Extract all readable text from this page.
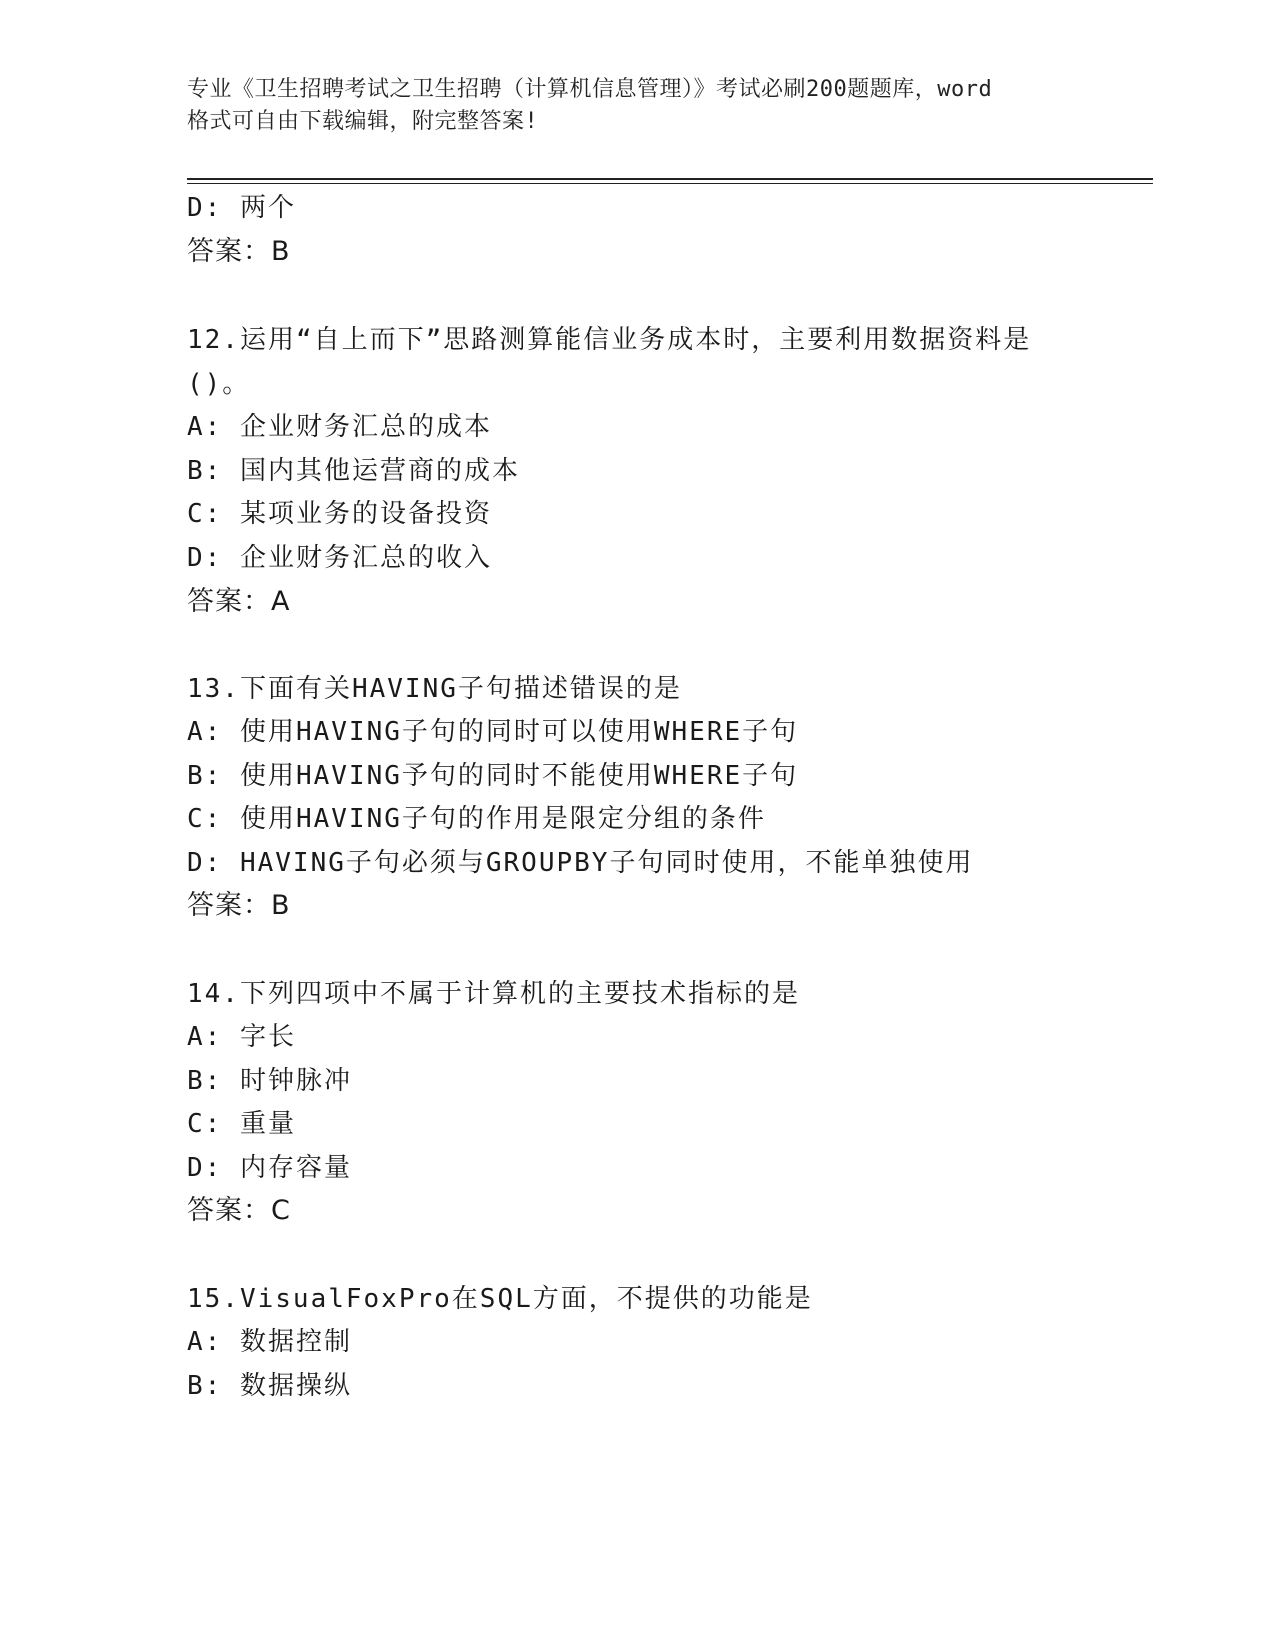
专业《卫生招聘考试之卫生招聘（计算机信息管理）》考试必刷200题题库，word
格式可自由下载编辑，附完整答案!
D: 两个
答案：B
12.运用“自上而下”思路测算能信业务成本时，主要利用数据资料是
()。
A: 企业财务汇总的成本
B: 国内其他运营商的成本
C: 某项业务的设备投资
D: 企业财务汇总的收入
答案：A
13.下面有关HAVING子句描述错误的是
A: 使用HAVING子句的同时可以使用WHERE子句
B: 使用HAVING予句的同时不能使用WHERE子句
C: 使用HAVING子句的作用是限定分组的条件
D: HAVING子句必须与GROUPBY子句同时使用，不能单独使用
答案：B
14.下列四项中不属于计算机的主要技术指标的是
A: 字长
B: 时钟脉冲
C: 重量
D: 内存容量
答案：C
15.VisualFoxPro在SQL方面，不提供的功能是
A: 数据控制
B: 数据操纵
